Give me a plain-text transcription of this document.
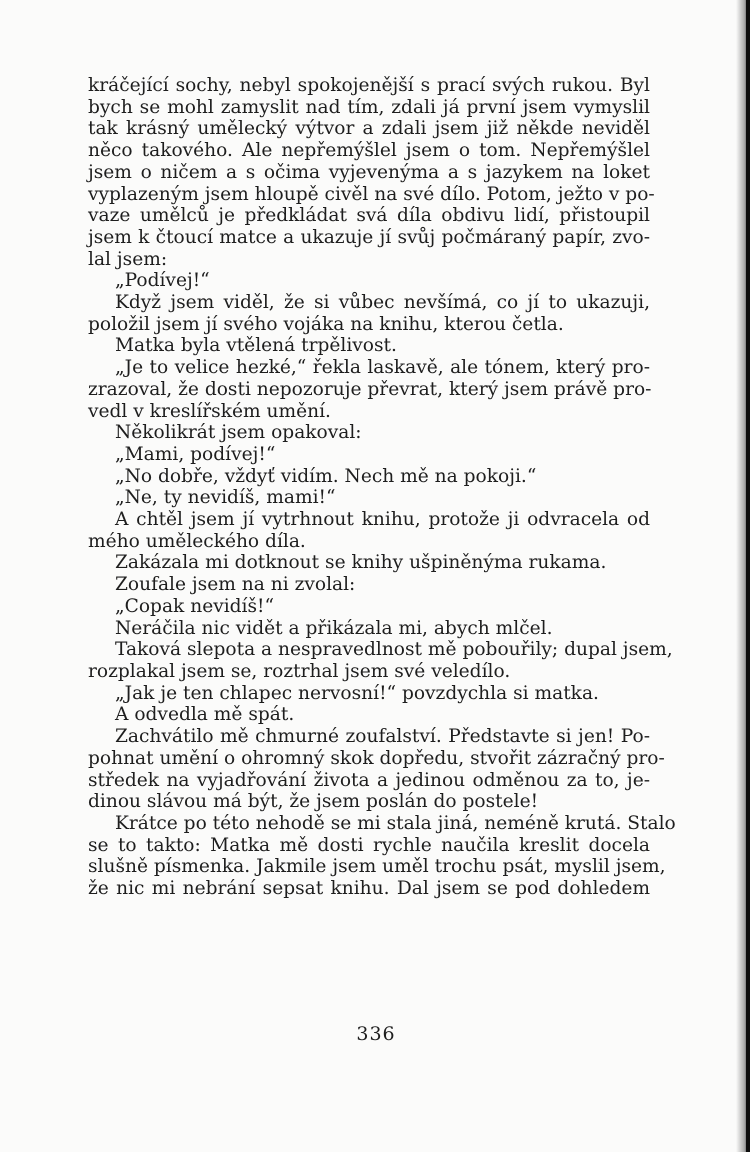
kráčející sochy, nebyl spokojenější s prací svých rukou. Byl
bych se mohl zamyslit nad tím, zdali já první jsem vymyslil
tak krásný umělecký výtvor a zdali jsem již někde neviděl
něco takového. Ale nepřemýšlel jsem o tom. Nepřemýšlel
jsem o ničem a s očima vyjevenýma a s jazykem na loket
vyplazeným jsem hloupě civěl na své dílo. Potom, ježto v po-
vaze umělců je předkládat svá díla obdivu lidí, přistoupil
jsem k čtoucí matce a ukazuje jí svůj počmáraný papír, zvo-
lal jsem:
„Podívej!“
Když jsem viděl, že si vůbec nevšímá, co jí to ukazuji,
položil jsem jí svého vojáka na knihu, kterou četla.
Matka byla vtělená trpělivost.
„Je to velice hezké,“ řekla laskavě, ale tónem, který pro-
zrazoval, že dosti nepozoruje převrat, který jsem právě pro-
vedl v kreslířském umění.
Několikrát jsem opakoval:
„Mami, podívej!“
„No dobře, vždyť vidím. Nech mě na pokoji.“
„Ne, ty nevidíš, mami!“
A chtěl jsem jí vytrhnout knihu, protože ji odvracela od
mého uměleckého díla.
Zakázala mi dotknout se knihy ušpiněnýma rukama.
Zoufale jsem na ni zvolal:
„Copak nevidíš!“
Neráčila nic vidět a přikázala mi, abych mlčel.
Taková slepota a nespravedlnost mě pobouřily; dupal jsem,
rozplakal jsem se, roztrhal jsem své veledílo.
„Jak je ten chlapec nervosní!“ povzdychla si matka.
A odvedla mě spát.
Zachvátilo mě chmurné zoufalství. Představte si jen! Po-
pohnat umění o ohromný skok dopředu, stvořit zázračný pro-
středek na vyjadřování života a jedinou odměnou za to, je-
dinou slávou má být, že jsem poslán do postele!
Krátce po této nehodě se mi stala jiná, neméně krutá. Stalo
se to takto: Matka mě dosti rychle naučila kreslit docela
slušně písmenka. Jakmile jsem uměl trochu psát, myslil jsem,
že nic mi nebrání sepsat knihu. Dal jsem se pod dohledem
336
